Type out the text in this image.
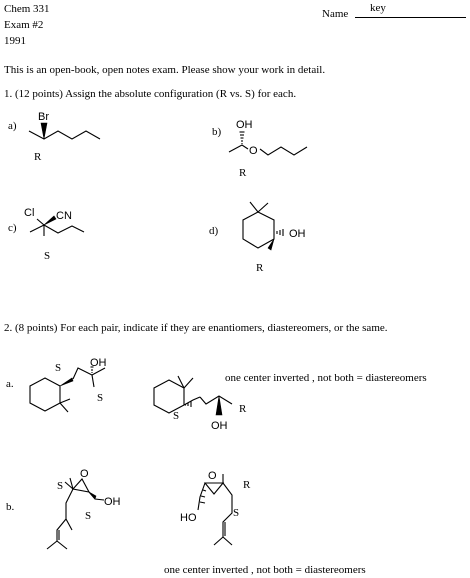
Chem 331
Exam #2
1991
Name key
This is an open-book, open notes exam. Please show your work in detail.
1. (12 points) Assign the absolute configuration (R vs. S) for each.
a)
R
b)
R
c)
S
d)
R
Br
OH
O
Cl CN
OH
2. (8 points) For each pair, indicate if they are enantiomers, diastereomers, or the same.
a.
S
S
OH
S
R
OH
one center inverted , not both = diastereomers
b.
S
S
O
OH
R
S
O
HO
one center inverted , not both = diastereomers
